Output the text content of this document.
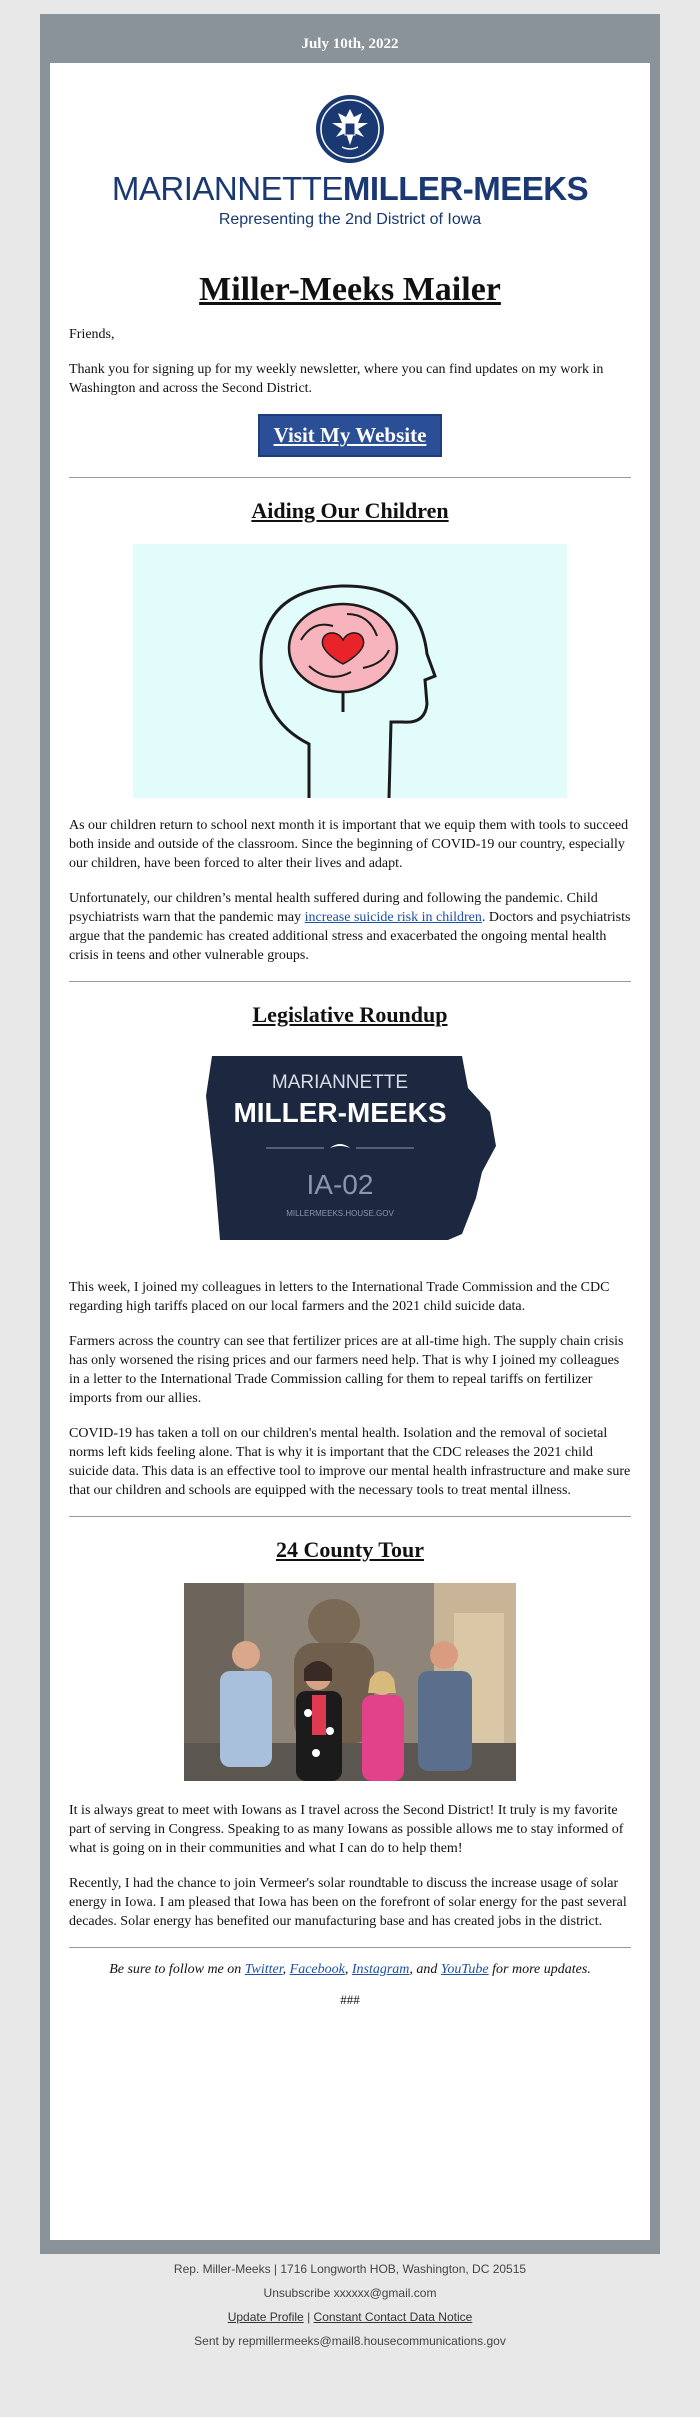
July 10th, 2022
MARIANNETTEMILLER-MEEKS
Representing the 2nd District of Iowa
Miller-Meeks Mailer

Friends,

Thank you for signing up for my weekly newsletter, where you can find updates on my work in Washington and across the Second District.

Visit My Website
Aiding Our Children

As our children return to school next month it is important that we equip them with tools to succeed both inside and outside of the classroom. Since the beginning of COVID-19 our country, especially our children, have been forced to alter their lives and adapt.

Unfortunately, our children’s mental health suffered during and following the pandemic. Child psychiatrists warn that the pandemic may increase suicide risk in children. Doctors and psychiatrists argue that the pandemic has created additional stress and exacerbated the ongoing mental health crisis in teens and other vulnerable groups.

Legislative Roundup
MARIANNETTE
MILLER-MEEKS
IA-02
MILLERMEEKS.HOUSE.GOV

This week, I joined my colleagues in letters to the International Trade Commission and the CDC regarding high tariffs placed on our local farmers and the 2021 child suicide data.

Farmers across the country can see that fertilizer prices are at all-time high. The supply chain crisis has only worsened the rising prices and our farmers need help. That is why I joined my colleagues in a letter to the International Trade Commission calling for them to repeal tariffs on fertilizer imports from our allies.

COVID-19 has taken a toll on our children's mental health. Isolation and the removal of societal norms left kids feeling alone. That is why it is important that the CDC releases the 2021 child suicide data. This data is an effective tool to improve our mental health infrastructure and make sure that our children and schools are equipped with the necessary tools to treat mental illness.

24 County Tour

It is always great to meet with Iowans as I travel across the Second District! It truly is my favorite part of serving in Congress. Speaking to as many Iowans as possible allows me to stay informed of what is going on in their communities and what I can do to help them!

Recently, I had the chance to join Vermeer's solar roundtable to discuss the increase usage of solar energy in Iowa. I am pleased that Iowa has been on the forefront of solar energy for the past several decades. Solar energy has benefited our manufacturing base and has created jobs in the district.

Be sure to follow me on Twitter, Facebook, Instagram, and YouTube for more updates.
###
Rep. Miller-Meeks | 1716 Longworth HOB, Washington, DC 20515
Unsubscribe xxxxxx@gmail.com
Update Profile | Constant Contact Data Notice
Sent by repmillermeeks@mail8.housecommunications.gov
